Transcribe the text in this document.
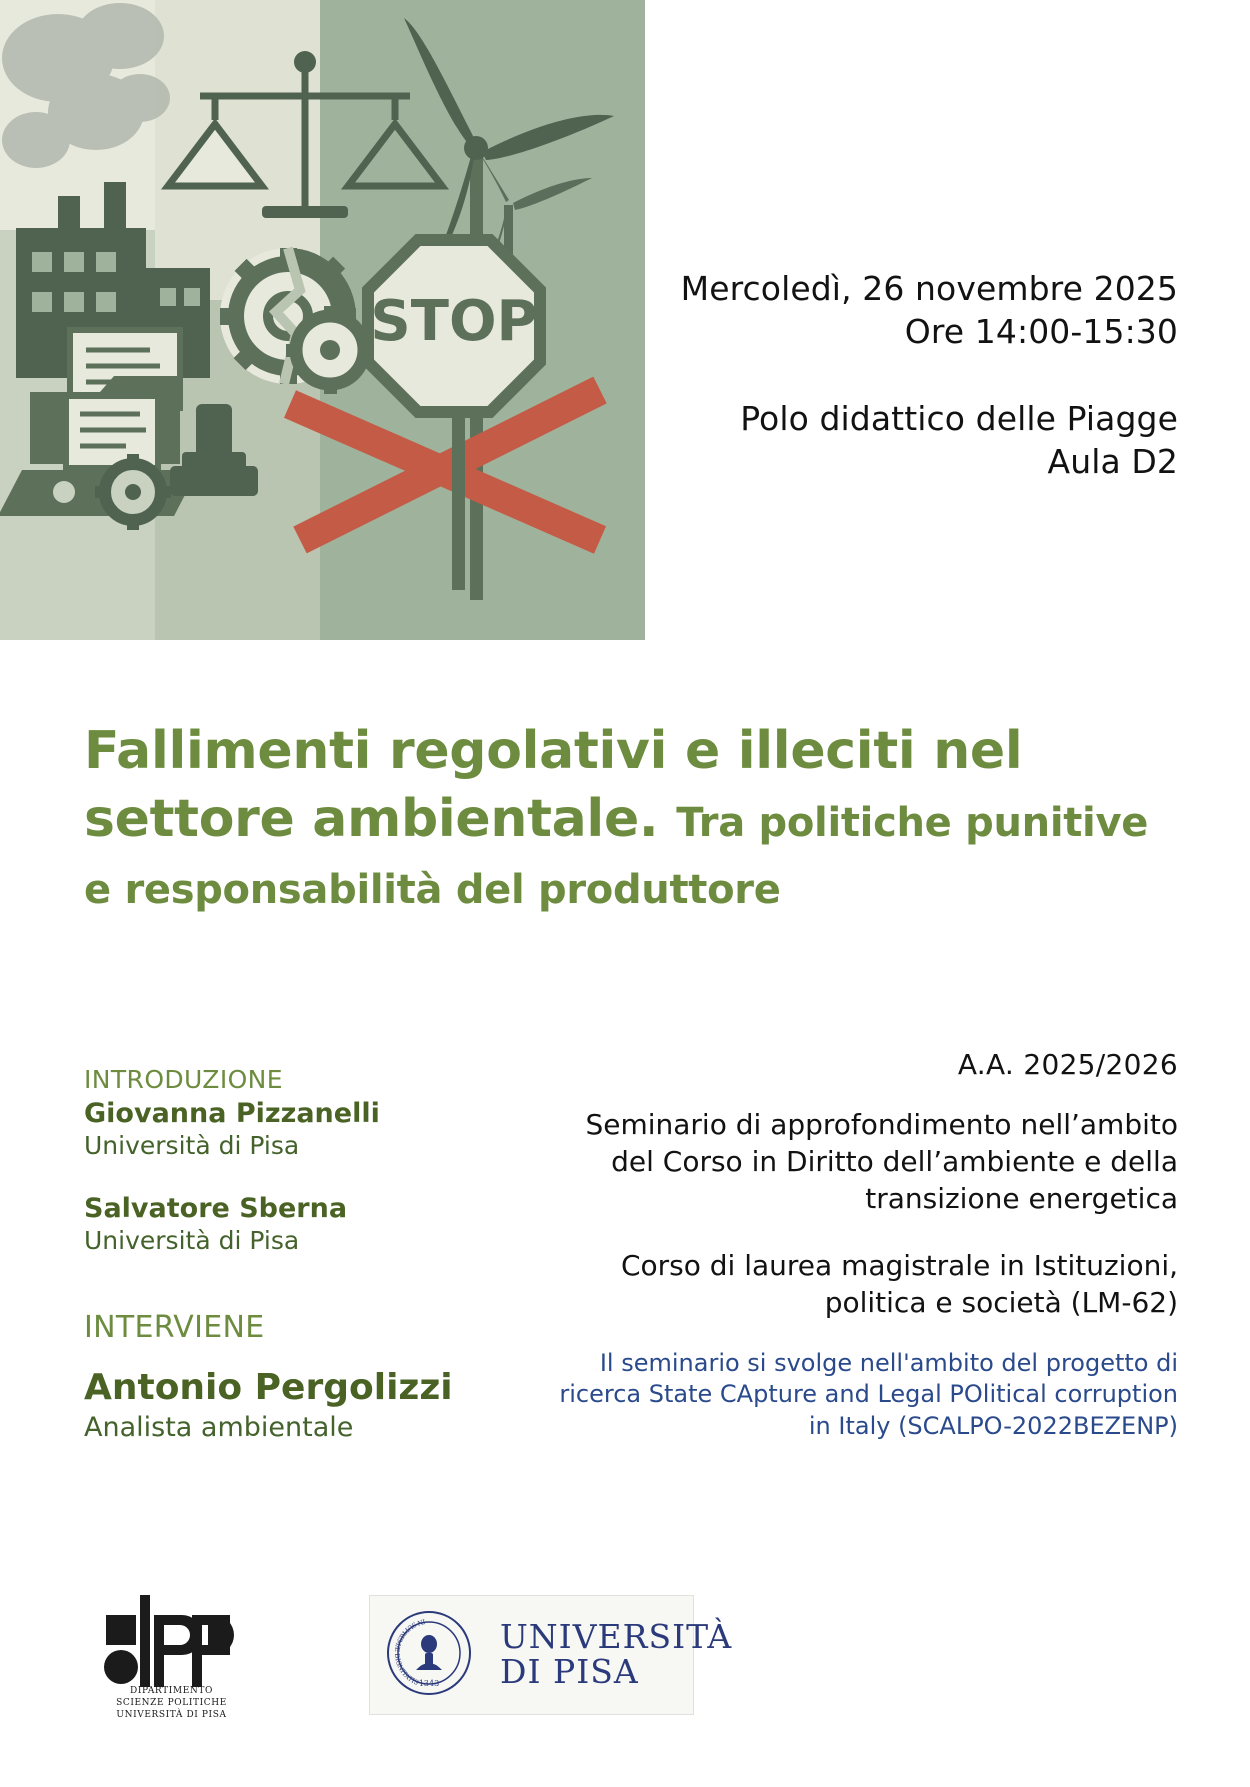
STOP
Mercoledì, 26 novembre 2025
Ore 14:00-15:30
Polo didattico delle Piagge
Aula D2
Fallimenti regolativi e illeciti nel settore ambientale. Tra politiche punitive e responsabilità del produttore
INTRODUZIONE
Giovanna Pizzanelli
Università di Pisa
Salvatore Sberna
Università di Pisa
INTERVIENE
Antonio Pergolizzi
Analista ambientale
A.A. 2025/2026
Seminario di approfondimento nell’ambito del Corso in Diritto dell’ambiente e della transizione energetica
Corso di laurea magistrale in Istituzioni, politica e società (LM-62)
Il seminario si svolge nell'ambito del progetto di ricerca State CApture and Legal POlitical corruption in Italy (SCALPO-2022BEZENP)
DIPARTIMENTO
SCIENZE POLITICHE
UNIVERSITÀ DI PISA
IN SUPREMÆ DIGNITATIS 1343
UNIVERSITÀ
DI PISA
